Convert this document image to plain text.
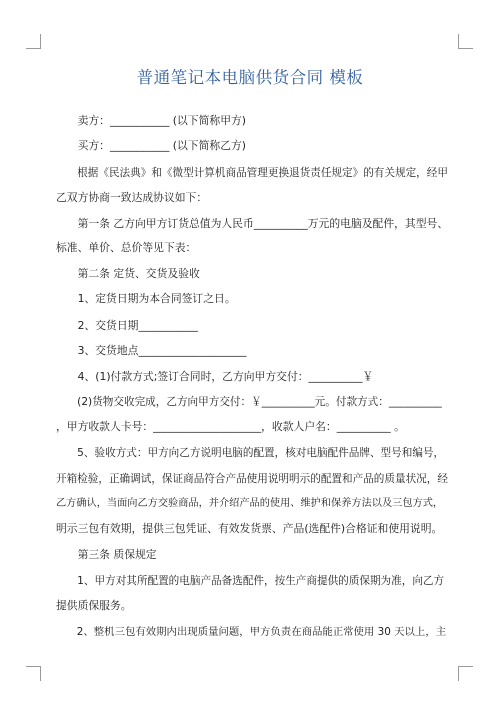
普通笔记本电脑供货合同 模板
　　卖方：___________ (以下简称甲方)
　　买方：___________ (以下简称乙方)
　　根据《民法典》和《微型计算机商品管理更换退货责任规定》的有关规定，经甲
乙双方协商一致达成协议如下：
　　第一条 乙方向甲方订货总值为人民币__________万元的电脑及配件，其型号、
标准、单价、总价等见下表：
　　第二条 定货、交货及验收
　　1、定货日期为本合同签订之日。
　　2、交货日期___________
　　3、交货地点____________________
　　4、(1)付款方式;签订合同时，乙方向甲方交付：__________￥
　　(2)货物交收完成，乙方向甲方交付：￥__________元。付款方式：__________
，甲方收款人卡号：____________________，收款人户名：__________ 。
　　5、验收方式：甲方向乙方说明电脑的配置，核对电脑配件品牌、型号和编号，
开箱检验，正确调试，保证商品符合产品使用说明明示的配置和产品的质量状况，经
乙方确认，当面向乙方交验商品，并介绍产品的使用、维护和保养方法以及三包方式，
明示三包有效期，提供三包凭证、有效发货票、产品(选配件)合格证和使用说明。
　　第三条 质保规定
　　1、甲方对其所配置的电脑产品备选配件，按生产商提供的质保期为准，向乙方
提供质保服务。
　　2、整机三包有效期内出现质量问题，甲方负责在商品能正常使用 30 天以上，主
